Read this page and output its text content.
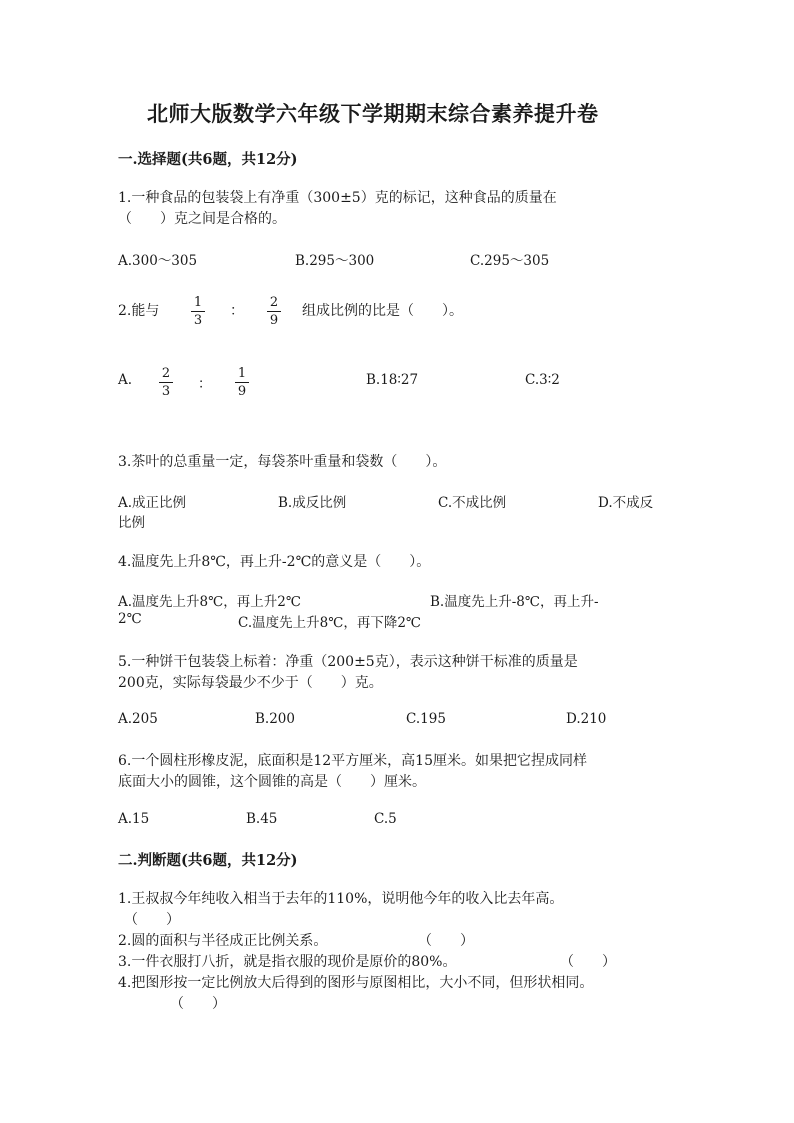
北师大版数学六年级下学期期末综合素养提升卷
一.选择题(共6题，共12分)
1.一种食品的包装袋上有净重（300±5）克的标记，这种食品的质量在
（　　）克之间是合格的。
A.300～305	B.295～300	C.295～305
2.能与
1
3
：
2
9
组成比例的比是（　　）。
A. 2
3 ：
1
9
B.18∶27	C.3∶2
3.茶叶的总重量一定，每袋茶叶重量和袋数（　　）。
A.成正比例	B.成反比例	C.不成比例	D.不成反
比例
4.温度先上升8℃，再上升-2℃的意义是（　　）。
A.温度先上升8℃，再上升2℃	B.温度先上升-8℃，再上升-
2℃	C.温度先上升8℃，再下降2℃
5.一种饼干包装袋上标着：净重（200±5克），表示这种饼干标准的质量是
200克，实际每袋最少不少于（　　）克。
A.205	B.200	C.195	D.210
6.一个圆柱形橡皮泥，底面积是12平方厘米，高15厘米。如果把它捏成同样
底面大小的圆锥，这个圆锥的高是（　　）厘米。
A.15	B.45	C.5
二.判断题(共6题，共12分)
1.王叔叔今年纯收入相当于去年的110%，说明他今年的收入比去年高。
（　　）
2.圆的面积与半径成正比例关系。	（　　）
3.一件衣服打八折，就是指衣服的现价是原价的80%。	（　　）
4.把图形按一定比例放大后得到的图形与原图相比，大小不同，但形状相同。
（　　）
